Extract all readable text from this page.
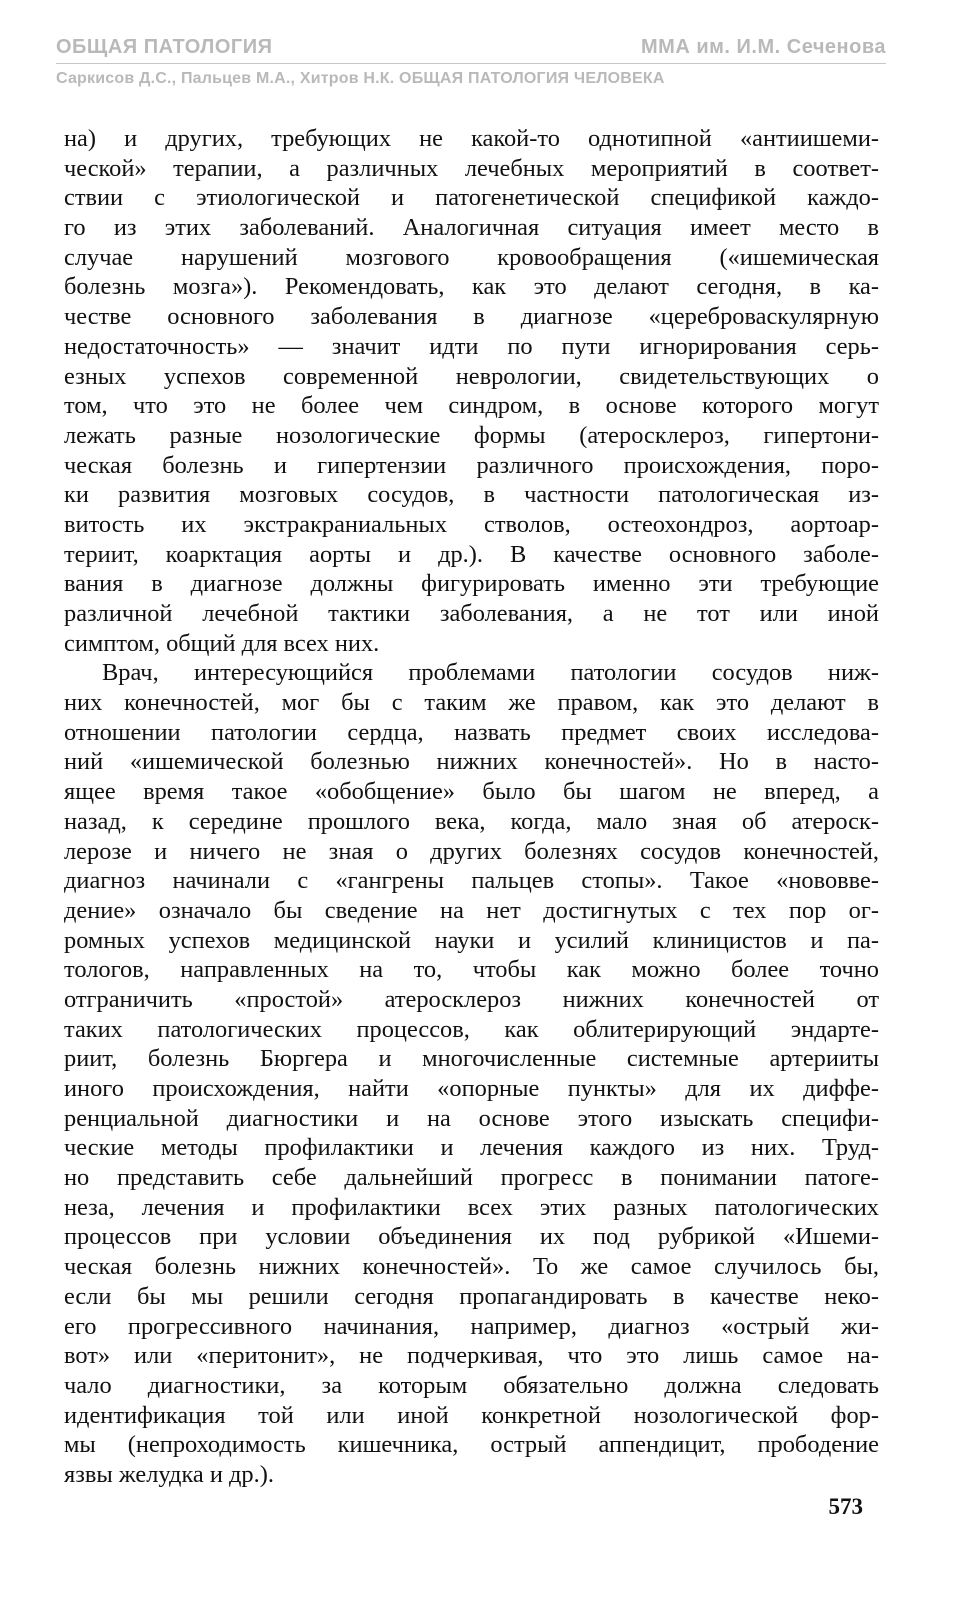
ОБЩАЯ ПАТОЛОГИЯ	ММА им. И.М. Сеченова
Саркисов Д.С., Пальцев М.А., Хитров Н.К. ОБЩАЯ ПАТОЛОГИЯ ЧЕЛОВЕКА
на) и других, требующих не какой-то однотипной «антиишеми-
ческой» терапии, а различных лечебных мероприятий в соответ-
ствии с этиологической и патогенетической спецификой каждо-
го из этих заболеваний. Аналогичная ситуация имеет место в
случае нарушений мозгового кровообращения («ишемическая
болезнь мозга»). Рекомендовать, как это делают сегодня, в ка-
честве основного заболевания в диагнозе «цереброваскулярную
недостаточность» — значит идти по пути игнорирования серь-
езных успехов современной неврологии, свидетельствующих о
том, что это не более чем синдром, в основе которого могут
лежать разные нозологические формы (атеросклероз, гипертони-
ческая болезнь и гипертензии различного происхождения, поро-
ки развития мозговых сосудов, в частности патологическая из-
витость их экстракраниальных стволов, остеохондроз, аортоар-
териит, коарктация аорты и др.). В качестве основного заболе-
вания в диагнозе должны фигурировать именно эти требующие
различной лечебной тактики заболевания, а не тот или иной
симптом, общий для всех них.
Врач, интересующийся проблемами патологии сосудов ниж-
них конечностей, мог бы с таким же правом, как это делают в
отношении патологии сердца, назвать предмет своих исследова-
ний «ишемической болезнью нижних конечностей». Но в насто-
ящее время такое «обобщение» было бы шагом не вперед, а
назад, к середине прошлого века, когда, мало зная об атероск-
лерозе и ничего не зная о других болезнях сосудов конечностей,
диагноз начинали с «гангрены пальцев стопы». Такое «нововве-
дение» означало бы сведение на нет достигнутых с тех пор ог-
ромных успехов медицинской науки и усилий клиницистов и па-
тологов, направленных на то, чтобы как можно более точно
отграничить «простой» атеросклероз нижних конечностей от
таких патологических процессов, как облитерирующий эндарте-
риит, болезнь Бюргера и многочисленные системные артерииты
иного происхождения, найти «опорные пункты» для их диффе-
ренциальной диагностики и на основе этого изыскать специфи-
ческие методы профилактики и лечения каждого из них. Труд-
но представить себе дальнейший прогресс в понимании патоге-
неза, лечения и профилактики всех этих разных патологических
процессов при условии объединения их под рубрикой «Ишеми-
ческая болезнь нижних конечностей». То же самое случилось бы,
если бы мы решили сегодня пропагандировать в качестве неко-
его прогрессивного начинания, например, диагноз «острый жи-
вот» или «перитонит», не подчеркивая, что это лишь самое на-
чало диагностики, за которым обязательно должна следовать
идентификация той или иной конкретной нозологической фор-
мы (непроходимость кишечника, острый аппендицит, прободение
язвы желудка и др.).
573
